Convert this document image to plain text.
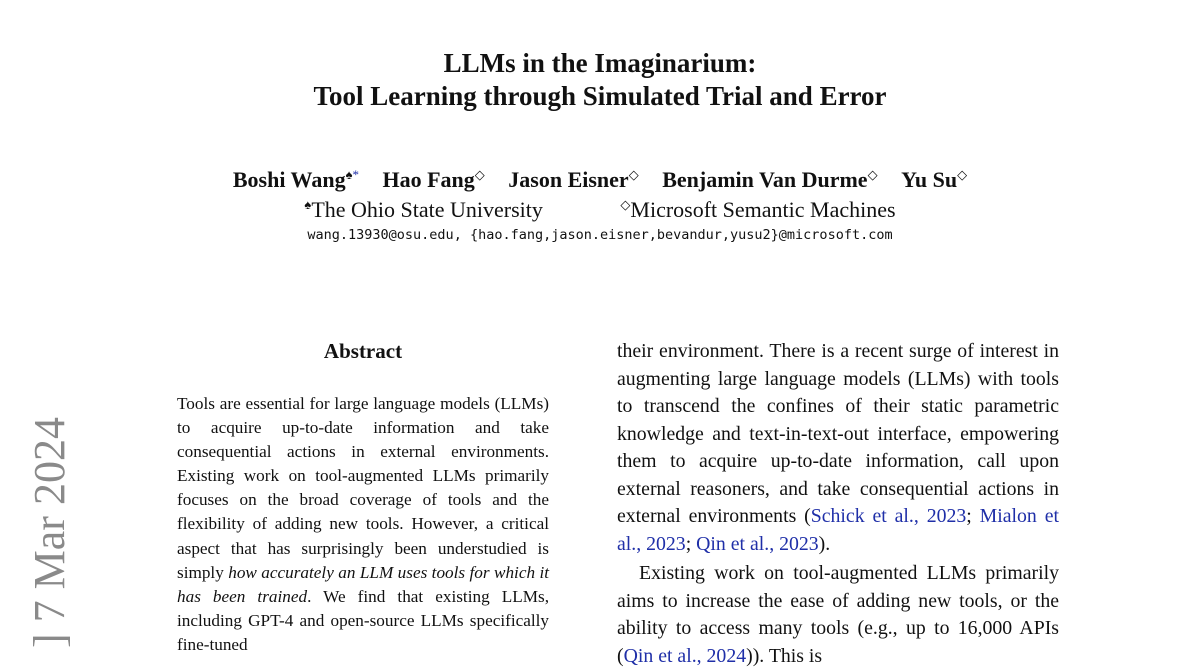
LLMs in the Imaginarium:
Tool Learning through Simulated Trial and Error
Boshi Wang♠* Hao Fang◇ Jason Eisner◇ Benjamin Van Durme◇ Yu Su◇
♠The Ohio State University	◇Microsoft Semantic Machines
wang.13930@osu.edu, {hao.fang,jason.eisner,bevandur,yusu2}@microsoft.com
] 7 Mar 2024
Abstract
Tools are essential for large language models (LLMs) to acquire up-to-date information and take consequential actions in external environments. Existing work on tool-augmented LLMs primarily focuses on the broad coverage of tools and the flexibility of adding new tools. However, a critical aspect that has surprisingly been understudied is simply how accurately an LLM uses tools for which it has been trained. We find that existing LLMs, including GPT-4 and open-source LLMs specifically fine-tuned

their environment. There is a recent surge of interest in augmenting large language models (LLMs) with tools to transcend the confines of their static parametric knowledge and text-in-text-out interface, empowering them to acquire up-to-date information, call upon external reasoners, and take consequential actions in external environments (Schick et al., 2023; Mialon et al., 2023; Qin et al., 2023).

Existing work on tool-augmented LLMs primarily aims to increase the ease of adding new tools, or the ability to access many tools (e.g., up to 16,000 APIs (Qin et al., 2024)). This is
